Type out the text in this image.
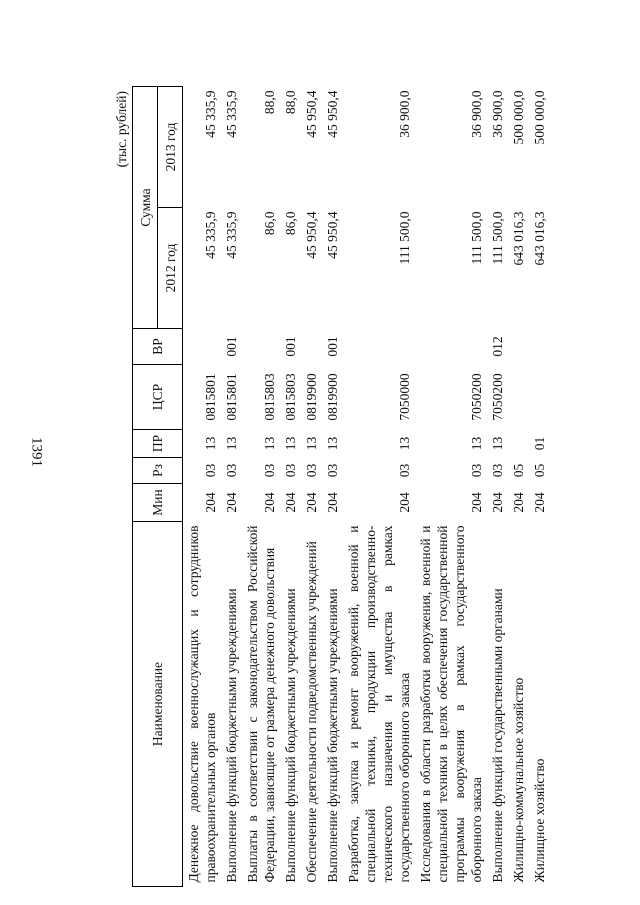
1391
(тыс. рублей)
Наименование	Мин	Рз	ПР	ЦСР	ВР	Сумма	
						2012 год	2013 год
Денежное довольствие военнослужащих и сотрудников правоохранительных органов	204	03	13	0815801		45 335,9	45 335,9
Выполнение функций бюджетными учреждениями	204	03	13	0815801	001	45 335,9	45 335,9
Выплаты в соответствии с законодательством Российской Федерации, зависящие от размера денежного довольствия	204	03	13	0815803		86,0	88,0
Выполнение функций бюджетными учреждениями	204	03	13	0815803	001	86,0	88,0
Обеспечение деятельности подведомственных учреждений	204	03	13	0819900		45 950,4	45 950,4
Выполнение функций бюджетными учреждениями	204	03	13	0819900	001	45 950,4	45 950,4
Разработка, закупка и ремонт вооружений, военной и специальной техники, продукции производственно-технического назначения и имущества в рамках государственного оборонного заказа	204	03	13	7050000		111 500,0	36 900,0
Исследования в области разработки вооружения, военной и специальной техники в целях обеспечения государственной программы вооружения в рамках государственного оборонного заказа	204	03	13	7050200		111 500,0	36 900,0
Выполнение функций государственными органами	204	03	13	7050200	012	111 500,0	36 900,0
Жилищно-коммунальное хозяйство	204	05				643 016,3	500 000,0
Жилищное хозяйство	204	05	01			643 016,3	500 000,0
